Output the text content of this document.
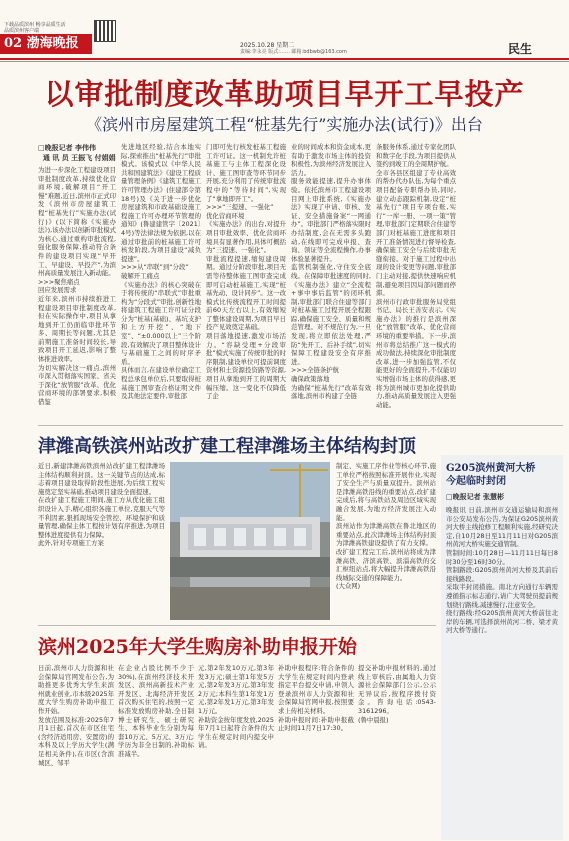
下载品质滨州 畅享品质生活
品质滨州客户端
02 渤海晚报	2025.10.28 星期二
责编:李永亮 版式:…… 邮箱:bdbwb@163.com	民生
以审批制度改革助项目早开工早投产
《滨州市房屋建筑工程“桩基先行”实施办法(试行)》出台
□晚报记者 李伟伟
通 讯 员 王振飞 付娟娟
为进一步深化工程建设项目审批制度改革,持续优化营商环境,破解项目“开工慢”难题,近日,滨州市正式印发《滨州市房屋建筑工程“桩基先行”实施办法(试行)》(以下简称《实施办法》),该办法以创新审批模式为核心,通过重构审批流程,强化服务保障,推动符合条件的建设项目实现“早开工、早建设、早投产”,为滨州高质量发展注入新动能。
>>>聚焦痛点
回应发展需求
近年来,滨州市持续推进工程建设项目审批制度改革,但在实际操作中,项目从拿地到开工仍面临审批环节多、周期长等问题,尤其是前期施工准备时间较长,导致项目开工延迟,影响了整体推进效率。
为切实解决这一痛点,滨州市深入贯彻落实国家、省关于深化“放管服”改革、优化营商环境的部署要求,积极借鉴
先进地区经验,结合本地实际,探索推出“桩基先行”审批模式。该模式以《中华人民共和国建筑法》《建设工程质量管理条例》《建筑工程施工许可管理办法》(住建部令第18号)及《关于进一步优化房屋建筑和市政基础设施工程施工许可办理环节管理的通知》(鲁建建管字〔2021〕4号)等法律法规为依据,以在通过审批前的桩基施工许可核发阶段,为项目建设“减负提速”。
>>>从“串联”到“分段”
破解开工痛点
《实施办法》的核心突破在于将传统的“串联式”审批重构为“分段式”审批,创新性地将建筑工程施工许可证分段分为“桩基(基础)、基坑支护和上方开挖”、“地下室”、“±0.000以上”三个阶段,有效解决了项目整体设计与基础施工之间的时序矛盾。
具体而言,在建设单位确定工程总承包单位后,只要取得桩基施工图审查合格证明文件及其他法定要件,审批部
门即可先行核发桩基工程施工许可证。这一机制允许桩基施工与主体工程深化设计、施工图审查等环节同步开展,充分利用了传统审批流程中的“等待时间”,实现了“拿地即开工”。
>>>“三提速、一强化”
优化营商环境
《实施办法》的出台,对提升项目审批效率、优化营商环境具有显著作用,具体可概括为“三提速、一强化”。
审批流程提速,缩短建设周期。通过分阶段审批,项目无需等待整体施工图审查完成即可启动桩基施工,实现“桩基先动、设计同步”。这一改模式比传统流程开工时间提前60天左右以上,有效缩短了整体建设周期,为项目早日投产见效奠定基础。
项目落地提速,激发市场活力。“容缺受理+分段审批”模式实施了传统审批的时序限制,建设单位可提前调度资材和土资源投资路等资源,项目从拿地到开工的周期大幅压缩。这一变化不仅降低了企
业的时间成本和资金成本,更有助于激发市场主体的投资积极性,为滨州经济发展注入活力。
服务效能提速,提升办事体验。依托滨州市工程建设项目网上审批系统,《实施办法》实现了申请、审核、发证、安全措施备案“一网通办”。审批部门严格落实限时办结制度,会在无需多头跑动,在线即可完成申报、查询、领证等全流程操作,办事体验显著提升。
监管机制强化,守住安全底线。在保障审批速度的同时,《实施办法》建立“全流程+事中事后监管”的闭环机制,审批部门联合住建等部门对桩基施工过程开展全程跟踪,确保施工安全、质量和规范管理。对不规范行为,一旦发现,将立即依法处理,严防“先开工、后补手续”,切实保障工程建设安全有序推进。
>>>全链条护航
确保政策落地
为确保“桩基先行”改革有效落地,滨州市构建了全链
条服务体系,通过专家化团队和数字化手段,为项目提供从签约到竣工的全周期护航。
全市各县区组建了专业高效的帮办代办队伍,为每个重点项目配备专职帮办员,同时,建立动态跟踪机制,设定“桩基先行”项目专项台账,实行“一库一册、一项一策”管理,审批部门定期联合住建等部门对桩基施工进度和项目开工准备情况进行督导检查,确保施工安全与后续审批无缝衔接。对于施工过程中出现的设计变更等问题,审批部门主动对接,提供快速响应机制,避免项目因局部问题而停滞。
滨州市行政审批服务局党组书记、局长王善安表示,《实施办法》的推行是滨州深化“放管服”改革、优化营商环境的重要举措。下一步,滨州市将总结推广这一模式的成功做法,持续深化审批制度改革,进一步加强监管,不仅能更好的全面提升,不仅能切实增强市场主体的获得感,更将为滨州城市更加化提供助力,推动高质量发展注入更强动能。
津潍高铁滨州站改扩建工程津潍场主体结构封顶
近日,新建津潍高铁滨州站改扩建工程津潍场主体结构顺利封顶。这一关键节点的达成,标志着项目建设取得阶段性进展,为后续工程实施奠定坚实基础,推动项目建设全面提速。
在改扩建工程施工期间,施工方从优化施工组织设计入手,精心组织各施工单位,克服天气等不利因素,狠抓现场安全管控、环境保护和质量管理,确保主体工程按计划有序推进,为项目整体进度提供有力保障。
此外,针对专项施工方案
制定、实施工序作业等核心环节,施工单位严格按照标准开展作业,实现了安全生产与质量双提升。滨州站是津潍高铁沿线的重要站点,改扩建完成后,将与高铁站及周边区域实现融合发展,为地方经济发展注入动能。
滨州站作为津潍高铁在鲁北地区的重要站点,此次津潍场主体结构封顶为津潍高铁建设提供了有力支撑。
改扩建工程完工后,滨州站将成为津潍高铁、济滨高铁、滨淄高铁的交汇枢纽站点,将大幅提升津潍高铁沿线城际交通的保障能力。
(大众网)
G205滨州黄河大桥
今起临时封闭
□晚报记者 张慧彬
晚报讯 日前,滨州市交通运输局和滨州市公安局发布公告,为保证G205滨州黄河大桥主线抢修工程顺利实施,经研究决定,自10月28日至11月11日对G205滨州黄河大桥实施交通管制。
管制时间:10月28日—11月11日每日8时30分至16时30分。
管制路段:G205滨州黄河大桥及其前后接线路段。
采取半封闭措施。南北方向通行车辆需遵循指示标志通行,请广大驾驶员提前规划绕行路线,减速慢行,注意安全。
绕行路线:经G205滨州黄河大桥前往北岸的车辆,可选择滨州黄河二桥、梁才黄河大桥等通行。
滨州2025年大学生购房补助申报开始
日前,滨州市人力资源和社会保障局官网发布公告,为助推更多优秀大学生来滨州就业创业,市本级2025年度大学生购房补助申报工作开始。
发放范围及标准:2025年7月1日起,首次在市区住宅(含经济适用房、安置房)的本科及以上学历大学生(满足相关条件),在市区(含滨城区、邹平
在企业占股比例不少于30%),在滨州经济技术开发区、滨州高新技术产业开发区、北海经济开发区首次购买住宅的,按照一定标准发放购房补助,全日制博士研究生、硕士研究生、本科毕业生分别为每套10万元、5万元、3万元;学历为非全日制的,补助标准减半。
元,第2年发10万元,第3年发3万元;硕士第1年发5万元,第2年发3万元,第3年发2万元;本科生第1年发1万元,第2年发1万元,第3年发1万元。
补助资金按年度发放,2025年7月1日起符合条件的大学生在规定时间内提交申请。
补助申报程序:符合条件的大学生在规定时间内登录指定平台提交申请,申领人登录滨州市人力资源和社会保障局官网申报,按照要求上传相关材料。
补助申报时间:补助申报截止时间11月7日17:30。
提交补助申报材料的,通过线上审核后,由属地人力资源社会保障部门公示,公示无异议后,按程序拨付资金。咨询电话:0543-3161296。
(鲁中晨报)
